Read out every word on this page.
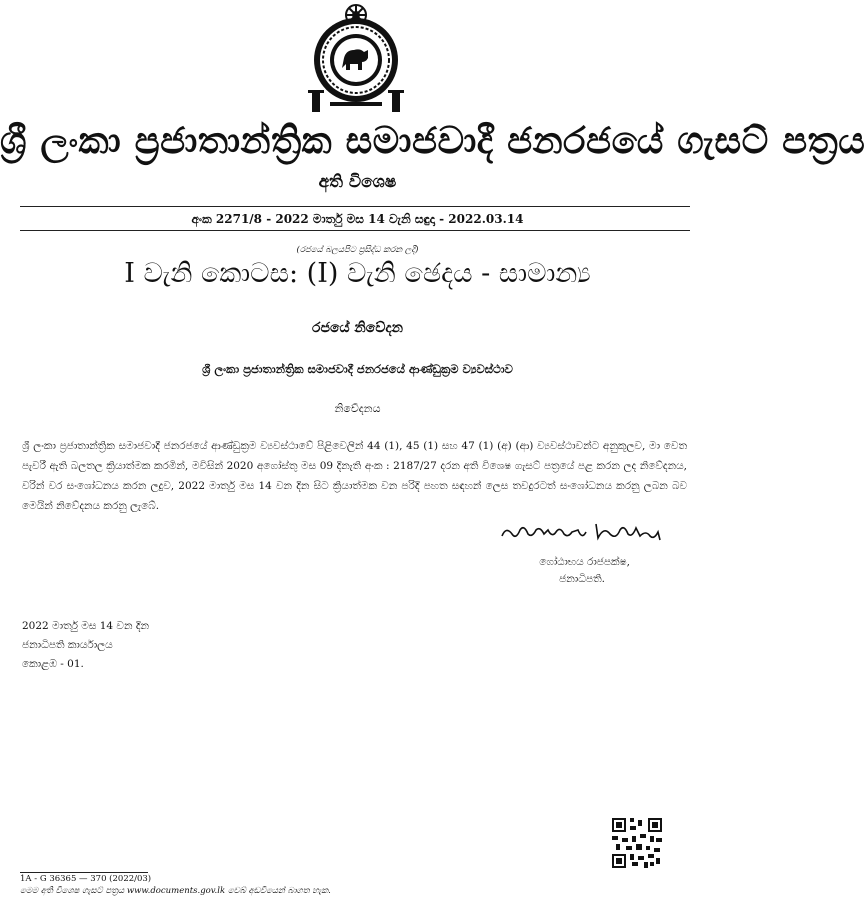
ශ්‍රී ලංකා ප්‍රජාතාන්ත්‍රික සමාජවාදී ජනරජයේ ගැසට් පත්‍රය
අති විශෙෂ
අංක 2271/8 - 2022 මාර්තු මස 14 වැනි සඳුදා - 2022.03.14
(රජයේ බලයපිට ප්‍රසිද්ධ කරන ලදී)
I වැනි කොටස: (I) වැනි ඡෙදය - සාමාන්‍ය
රජයේ නිවේදන
ශ්‍රී ලංකා ප්‍රජාතාන්ත්‍රික සමාජවාදී ජනරජයේ ආණ්ඩුක්‍රම ව්‍යවස්ථාව
නිවේදනය
ශ්‍රී ලංකා ප්‍රජාතාන්ත්‍රික සමාජවාදී ජනරජයේ ආණ්ඩුක්‍රම ව්‍යවස්ථාවේ පිළිවෙලින් 44 (1), 45 (1) සහ 47 (1) (අ) (ආ) ව්‍යවස්ථාවන්ට අනුකූලව, මා වෙත පැවරී ඇති බලතල ක්‍රියාත්මක කරමින්, මවිසින් 2020 අගෝස්තු මස 09 දිනැති අංක : 2187/27 දරන අති විශෙෂ ගැසට් පත්‍රයේ පළ කරන ලද නිවේදනය, වරින් වර සංශෝධනය කරන ලදුව, 2022 මාර්තු මස 14 වන දින සිට ක්‍රියාත්මක වන පරිදි පහත සඳහන් ලෙස තවදුරටත් සංශෝධනය කරනු ලබන බව මෙයින් නිවේදනය කරනු ලැබේ.
ගෝඨාභය රාජපක්ෂ,
ජනාධිපති.
2022 මාර්තු මස 14 වන දින
ජනාධිපති කාර්යාලය
කොළඹ - 01.
1A - G 36365 — 370 (2022/03)
මෙම අති විශෙෂ ගැසට් පත්‍රය www.documents.gov.lk වෙබ් අඩවියෙන් බාගත හැක.
